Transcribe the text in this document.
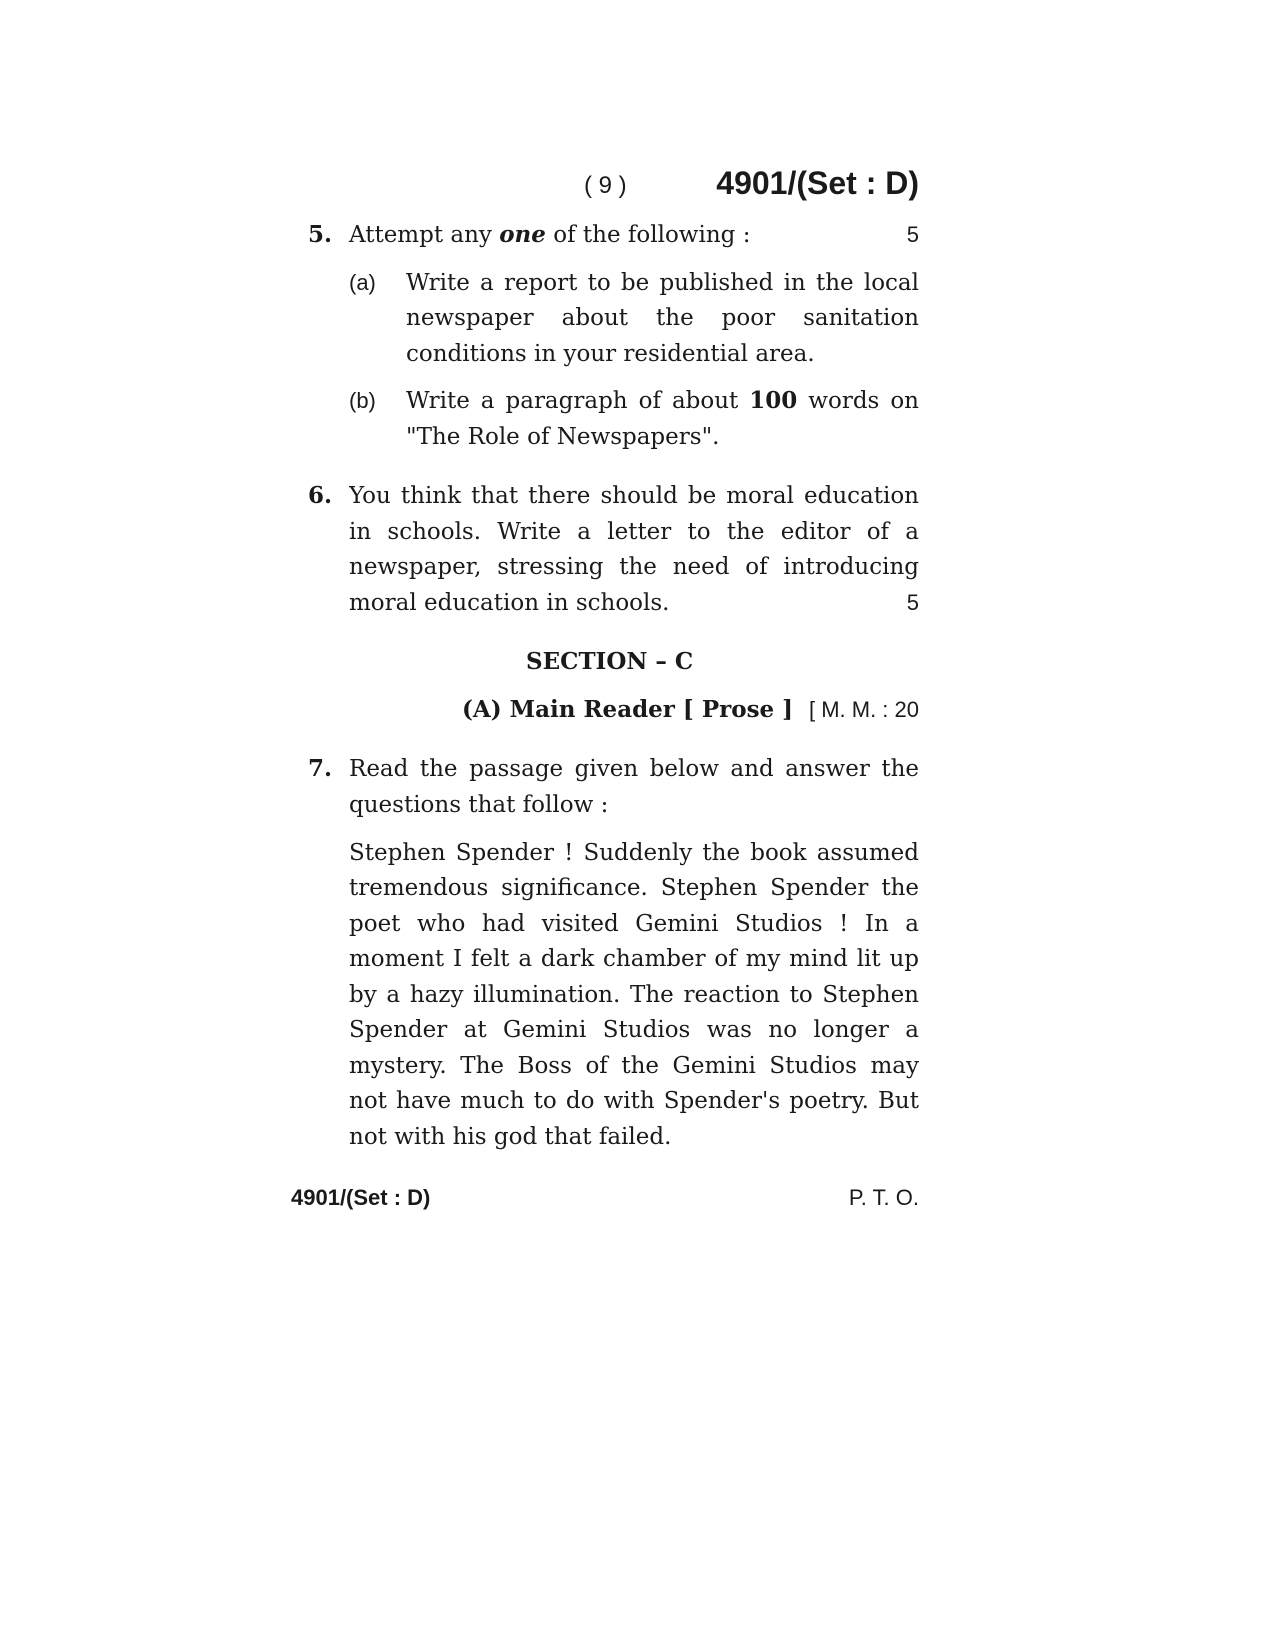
( 9 )	4901/(Set : D)
5. Attempt any one of the following :	5
(a) Write a report to be published in the local
newspaper about the poor sanitation
conditions in your residential area.
(b) Write a paragraph of about 100 words on
"The Role of Newspapers".
6. You think that there should be moral education
in schools. Write a letter to the editor of a
newspaper, stressing the need of introducing
moral education in schools.	5
SECTION – C
(A) Main Reader [ Prose ] [ M. M. : 20
7. Read the passage given below and answer the
questions that follow :
Stephen Spender ! Suddenly the book assumed
tremendous significance. Stephen Spender the
poet who had visited Gemini Studios ! In a
moment I felt a dark chamber of my mind lit up
by a hazy illumination. The reaction to Stephen
Spender at Gemini Studios was no longer a
mystery. The Boss of the Gemini Studios may
not have much to do with Spender's poetry. But
not with his god that failed.
4901/(Set : D)	P. T. O.
